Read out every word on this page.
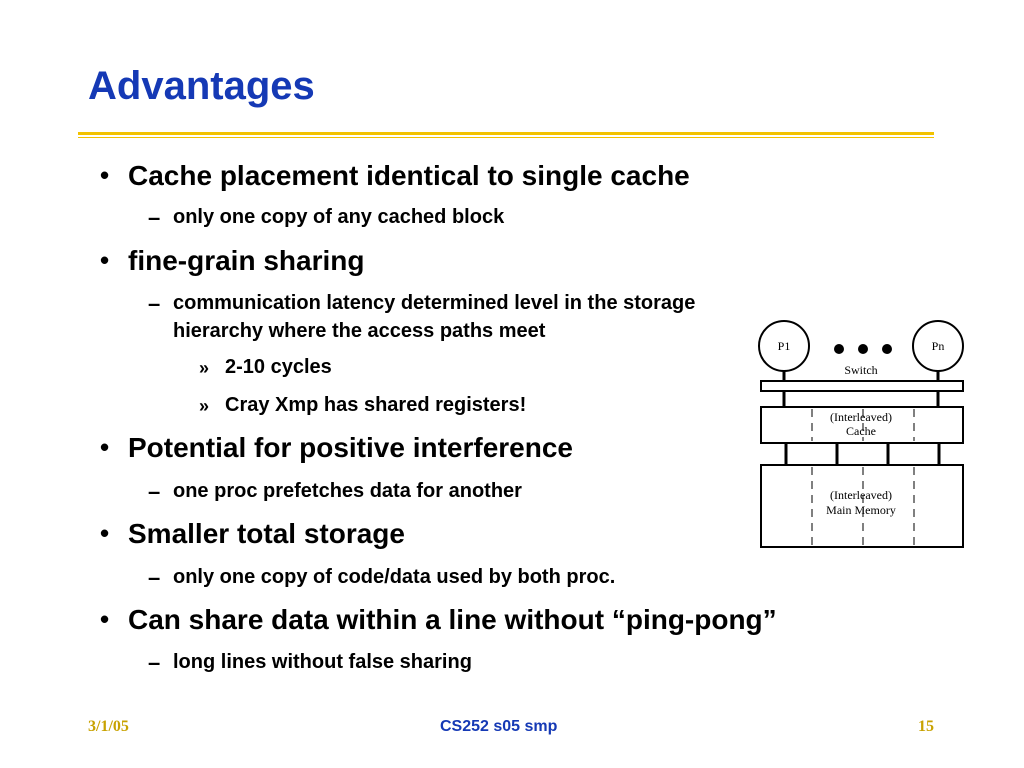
Advantages
• Cache placement identical to single cache
– only one copy of any cached block
• fine-grain sharing
– communication latency determined level in the storage
hierarchy where the access paths meet
» 2-10 cycles
» Cray Xmp has shared registers!
• Potential for positive interference
– one proc prefetches data for another
• Smaller total storage
– only one copy of code/data used by both proc.
• Can share data within a line without “ping-pong”
– long lines without false sharing
P1	Pn
Switch
(Interleaved)
Cache
(Interleaved)
Main Memory
3/1/05	CS252 s05 smp	15
